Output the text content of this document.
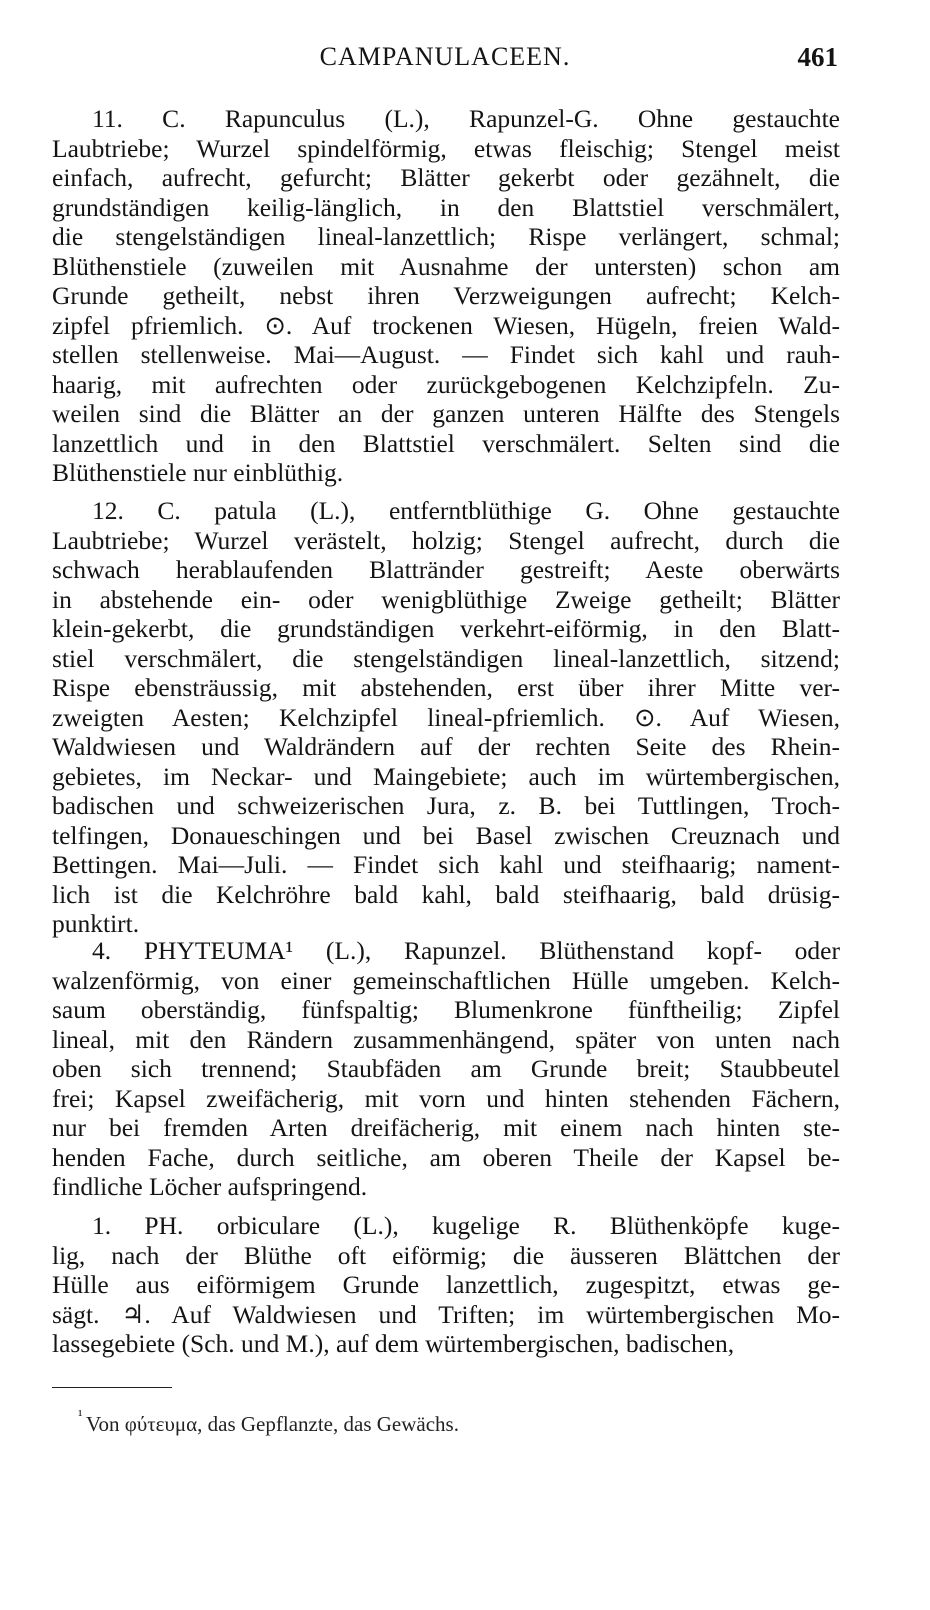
CAMPANULACEEN.	461
11. C. Rapunculus (L.), Rapunzel-G. Ohne gestauchte
Laubtriebe; Wurzel spindelförmig, etwas fleischig; Stengel meist
einfach, aufrecht, gefurcht; Blätter gekerbt oder gezähnelt, die
grundständigen keilig-länglich, in den Blattstiel verschmälert,
die stengelständigen lineal-lanzettlich; Rispe verlängert, schmal;
Blüthenstiele (zuweilen mit Ausnahme der untersten) schon am
Grunde getheilt, nebst ihren Verzweigungen aufrecht; Kelch-
zipfel pfriemlich. ⊙. Auf trockenen Wiesen, Hügeln, freien Wald-
stellen stellenweise. Mai—August. — Findet sich kahl und rauh-
haarig, mit aufrechten oder zurückgebogenen Kelchzipfeln. Zu-
weilen sind die Blätter an der ganzen unteren Hälfte des Stengels
lanzettlich und in den Blattstiel verschmälert. Selten sind die
Blüthenstiele nur einblüthig.
12. C. patula (L.), entferntblüthige G. Ohne gestauchte
Laubtriebe; Wurzel verästelt, holzig; Stengel aufrecht, durch die
schwach herablaufenden Blattränder gestreift; Aeste oberwärts
in abstehende ein- oder wenigblüthige Zweige getheilt; Blätter
klein-gekerbt, die grundständigen verkehrt-eiförmig, in den Blatt-
stiel verschmälert, die stengelständigen lineal-lanzettlich, sitzend;
Rispe ebensträussig, mit abstehenden, erst über ihrer Mitte ver-
zweigten Aesten; Kelchzipfel lineal-pfriemlich. ⊙. Auf Wiesen,
Waldwiesen und Waldrändern auf der rechten Seite des Rhein-
gebietes, im Neckar- und Maingebiete; auch im würtembergischen,
badischen und schweizerischen Jura, z. B. bei Tuttlingen, Troch-
telfingen, Donaueschingen und bei Basel zwischen Creuznach und
Bettingen. Mai—Juli. — Findet sich kahl und steifhaarig; nament-
lich ist die Kelchröhre bald kahl, bald steifhaarig, bald drüsig-
punktirt.
4. PHYTEUMA¹ (L.), Rapunzel. Blüthenstand kopf- oder
walzenförmig, von einer gemeinschaftlichen Hülle umgeben. Kelch-
saum oberständig, fünfspaltig; Blumenkrone fünftheilig; Zipfel
lineal, mit den Rändern zusammenhängend, später von unten nach
oben sich trennend; Staubfäden am Grunde breit; Staubbeutel
frei; Kapsel zweifächerig, mit vorn und hinten stehenden Fächern,
nur bei fremden Arten dreifächerig, mit einem nach hinten ste-
henden Fache, durch seitliche, am oberen Theile der Kapsel be-
findliche Löcher aufspringend.
1. PH. orbiculare (L.), kugelige R. Blüthenköpfe kuge-
lig, nach der Blüthe oft eiförmig; die äusseren Blättchen der
Hülle aus eiförmigem Grunde lanzettlich, zugespitzt, etwas ge-
sägt. ♃. Auf Waldwiesen und Triften; im würtembergischen Mo-
lassegebiete (Sch. und M.), auf dem würtembergischen, badischen,
¹ Von φύτευμα, das Gepflanzte, das Gewächs.
